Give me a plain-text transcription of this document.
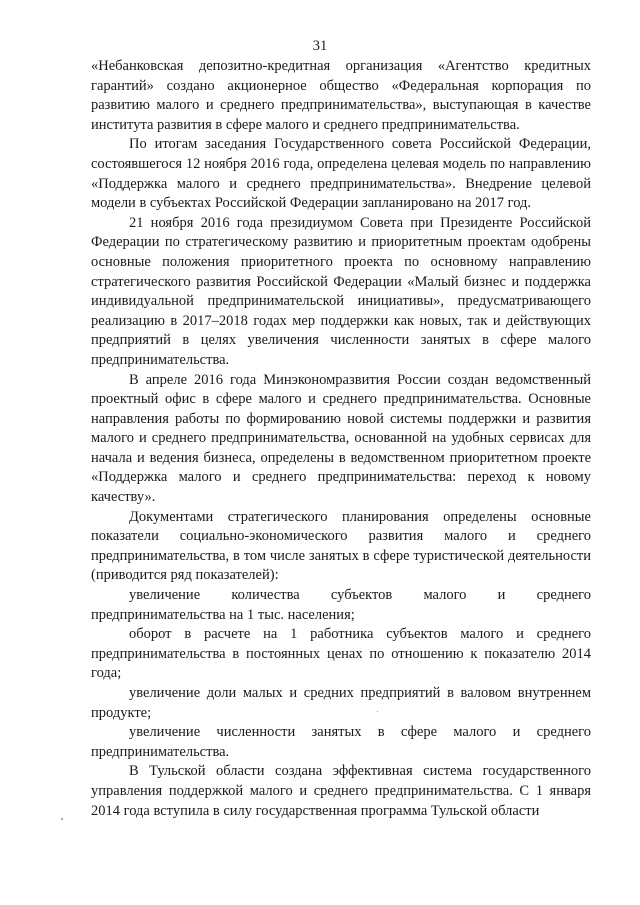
31

«Небанковская депозитно-кредитная организация «Агентство кредитных гарантий» создано акционерное общество «Федеральная корпорация по развитию малого и среднего предпринимательства», выступающая в качестве института развития в сфере малого и среднего предпринимательства.

По итогам заседания Государственного совета Российской Федерации, состоявшегося 12 ноября 2016 года, определена целевая модель по направлению «Поддержка малого и среднего предпринимательства». Внедрение целевой модели в субъектах Российской Федерации запланировано на 2017 год.

21 ноября 2016 года президиумом Совета при Президенте Российской Федерации по стратегическому развитию и приоритетным проектам одобрены основные положения приоритетного проекта по основному направлению стратегического развития Российской Федерации «Малый бизнес и поддержка индивидуальной предпринимательской инициативы», предусматривающего реализацию в 2017–2018 годах мер поддержки как новых, так и действующих предприятий в целях увеличения численности занятых в сфере малого предпринимательства.

В апреле 2016 года Минэкономразвития России создан ведомственный проектный офис в сфере малого и среднего предпринимательства. Основные направления работы по формированию новой системы поддержки и развития малого и среднего предпринимательства, основанной на удобных сервисах для начала и ведения бизнеса, определены в ведомственном приоритетном проекте «Поддержка малого и среднего предпринимательства: переход к новому качеству».

Документами стратегического планирования определены основные показатели социально-экономического развития малого и среднего предпринимательства, в том числе занятых в сфере туристической деятельности (приводится ряд показателей):

увеличение количества субъектов малого и среднего предпринимательства на 1 тыс. населения;

оборот в расчете на 1 работника субъектов малого и среднего предпринимательства в постоянных ценах по отношению к показателю 2014 года;

увеличение доли малых и средних предприятий в валовом внутреннем продукте;

увеличение численности занятых в сфере малого и среднего предпринимательства.

В Тульской области создана эффективная система государственного управления поддержкой малого и среднего предпринимательства. С 1 января 2014 года вступила в силу государственная программа Тульской области
